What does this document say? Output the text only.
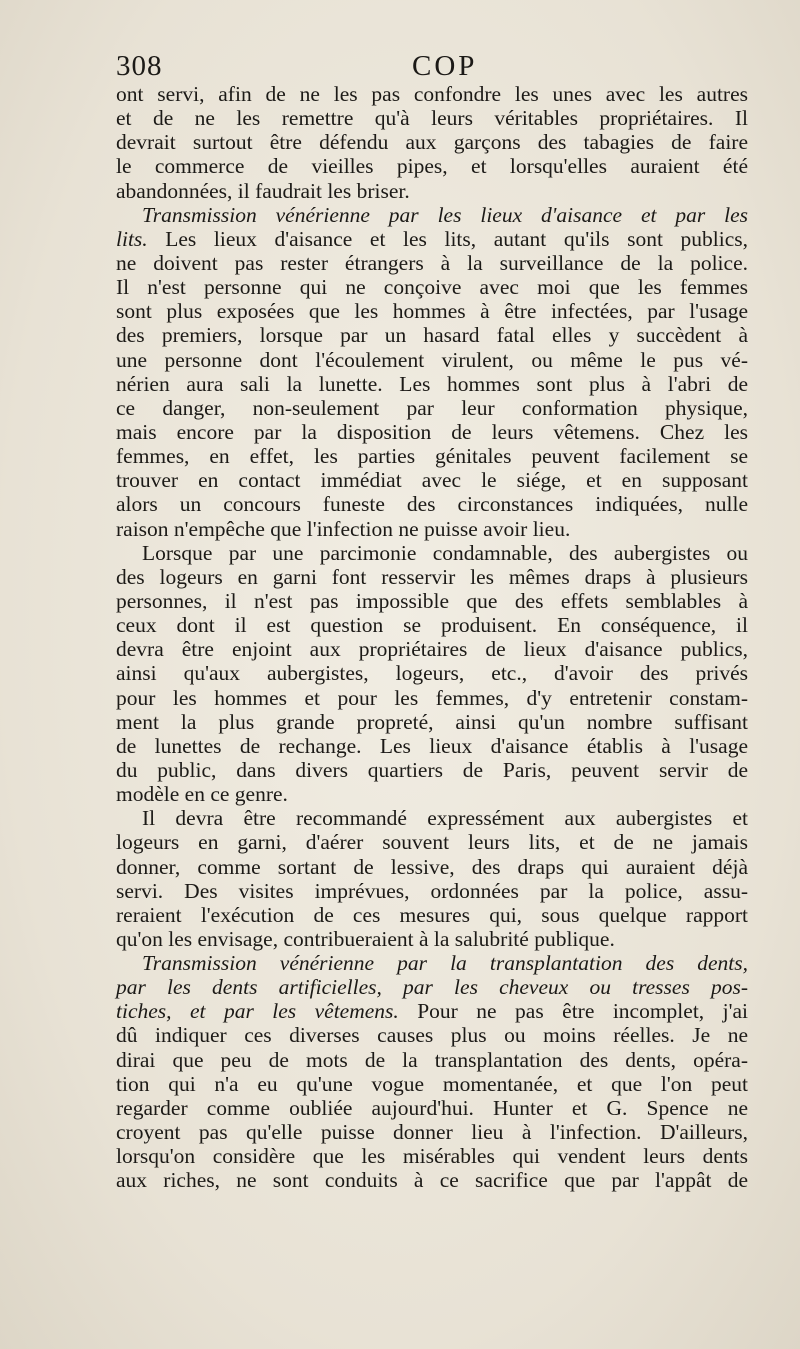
308	COP
ont servi, afin de ne les pas confondre les unes avec les autres
et de ne les remettre qu'à leurs véritables propriétaires. Il
devrait surtout être défendu aux garçons des tabagies de faire
le commerce de vieilles pipes, et lorsqu'elles auraient été
abandonnées, il faudrait les briser.
Transmission vénérienne par les lieux d'aisance et par les
lits. Les lieux d'aisance et les lits, autant qu'ils sont publics,
ne doivent pas rester étrangers à la surveillance de la police.
Il n'est personne qui ne conçoive avec moi que les femmes
sont plus exposées que les hommes à être infectées, par l'usage
des premiers, lorsque par un hasard fatal elles y succèdent à
une personne dont l'écoulement virulent, ou même le pus vé-
nérien aura sali la lunette. Les hommes sont plus à l'abri de
ce danger, non-seulement par leur conformation physique,
mais encore par la disposition de leurs vêtemens. Chez les
femmes, en effet, les parties génitales peuvent facilement se
trouver en contact immédiat avec le siége, et en supposant
alors un concours funeste des circonstances indiquées, nulle
raison n'empêche que l'infection ne puisse avoir lieu.
Lorsque par une parcimonie condamnable, des aubergistes ou
des logeurs en garni font resservir les mêmes draps à plusieurs
personnes, il n'est pas impossible que des effets semblables à
ceux dont il est question se produisent. En conséquence, il
devra être enjoint aux propriétaires de lieux d'aisance publics,
ainsi qu'aux aubergistes, logeurs, etc., d'avoir des privés
pour les hommes et pour les femmes, d'y entretenir constam-
ment la plus grande propreté, ainsi qu'un nombre suffisant
de lunettes de rechange. Les lieux d'aisance établis à l'usage
du public, dans divers quartiers de Paris, peuvent servir de
modèle en ce genre.
Il devra être recommandé expressément aux aubergistes et
logeurs en garni, d'aérer souvent leurs lits, et de ne jamais
donner, comme sortant de lessive, des draps qui auraient déjà
servi. Des visites imprévues, ordonnées par la police, assu-
reraient l'exécution de ces mesures qui, sous quelque rapport
qu'on les envisage, contribueraient à la salubrité publique.
Transmission vénérienne par la transplantation des dents,
par les dents artificielles, par les cheveux ou tresses pos-
tiches, et par les vêtemens. Pour ne pas être incomplet, j'ai
dû indiquer ces diverses causes plus ou moins réelles. Je ne
dirai que peu de mots de la transplantation des dents, opéra-
tion qui n'a eu qu'une vogue momentanée, et que l'on peut
regarder comme oubliée aujourd'hui. Hunter et G. Spence ne
croyent pas qu'elle puisse donner lieu à l'infection. D'ailleurs,
lorsqu'on considère que les misérables qui vendent leurs dents
aux riches, ne sont conduits à ce sacrifice que par l'appât de
